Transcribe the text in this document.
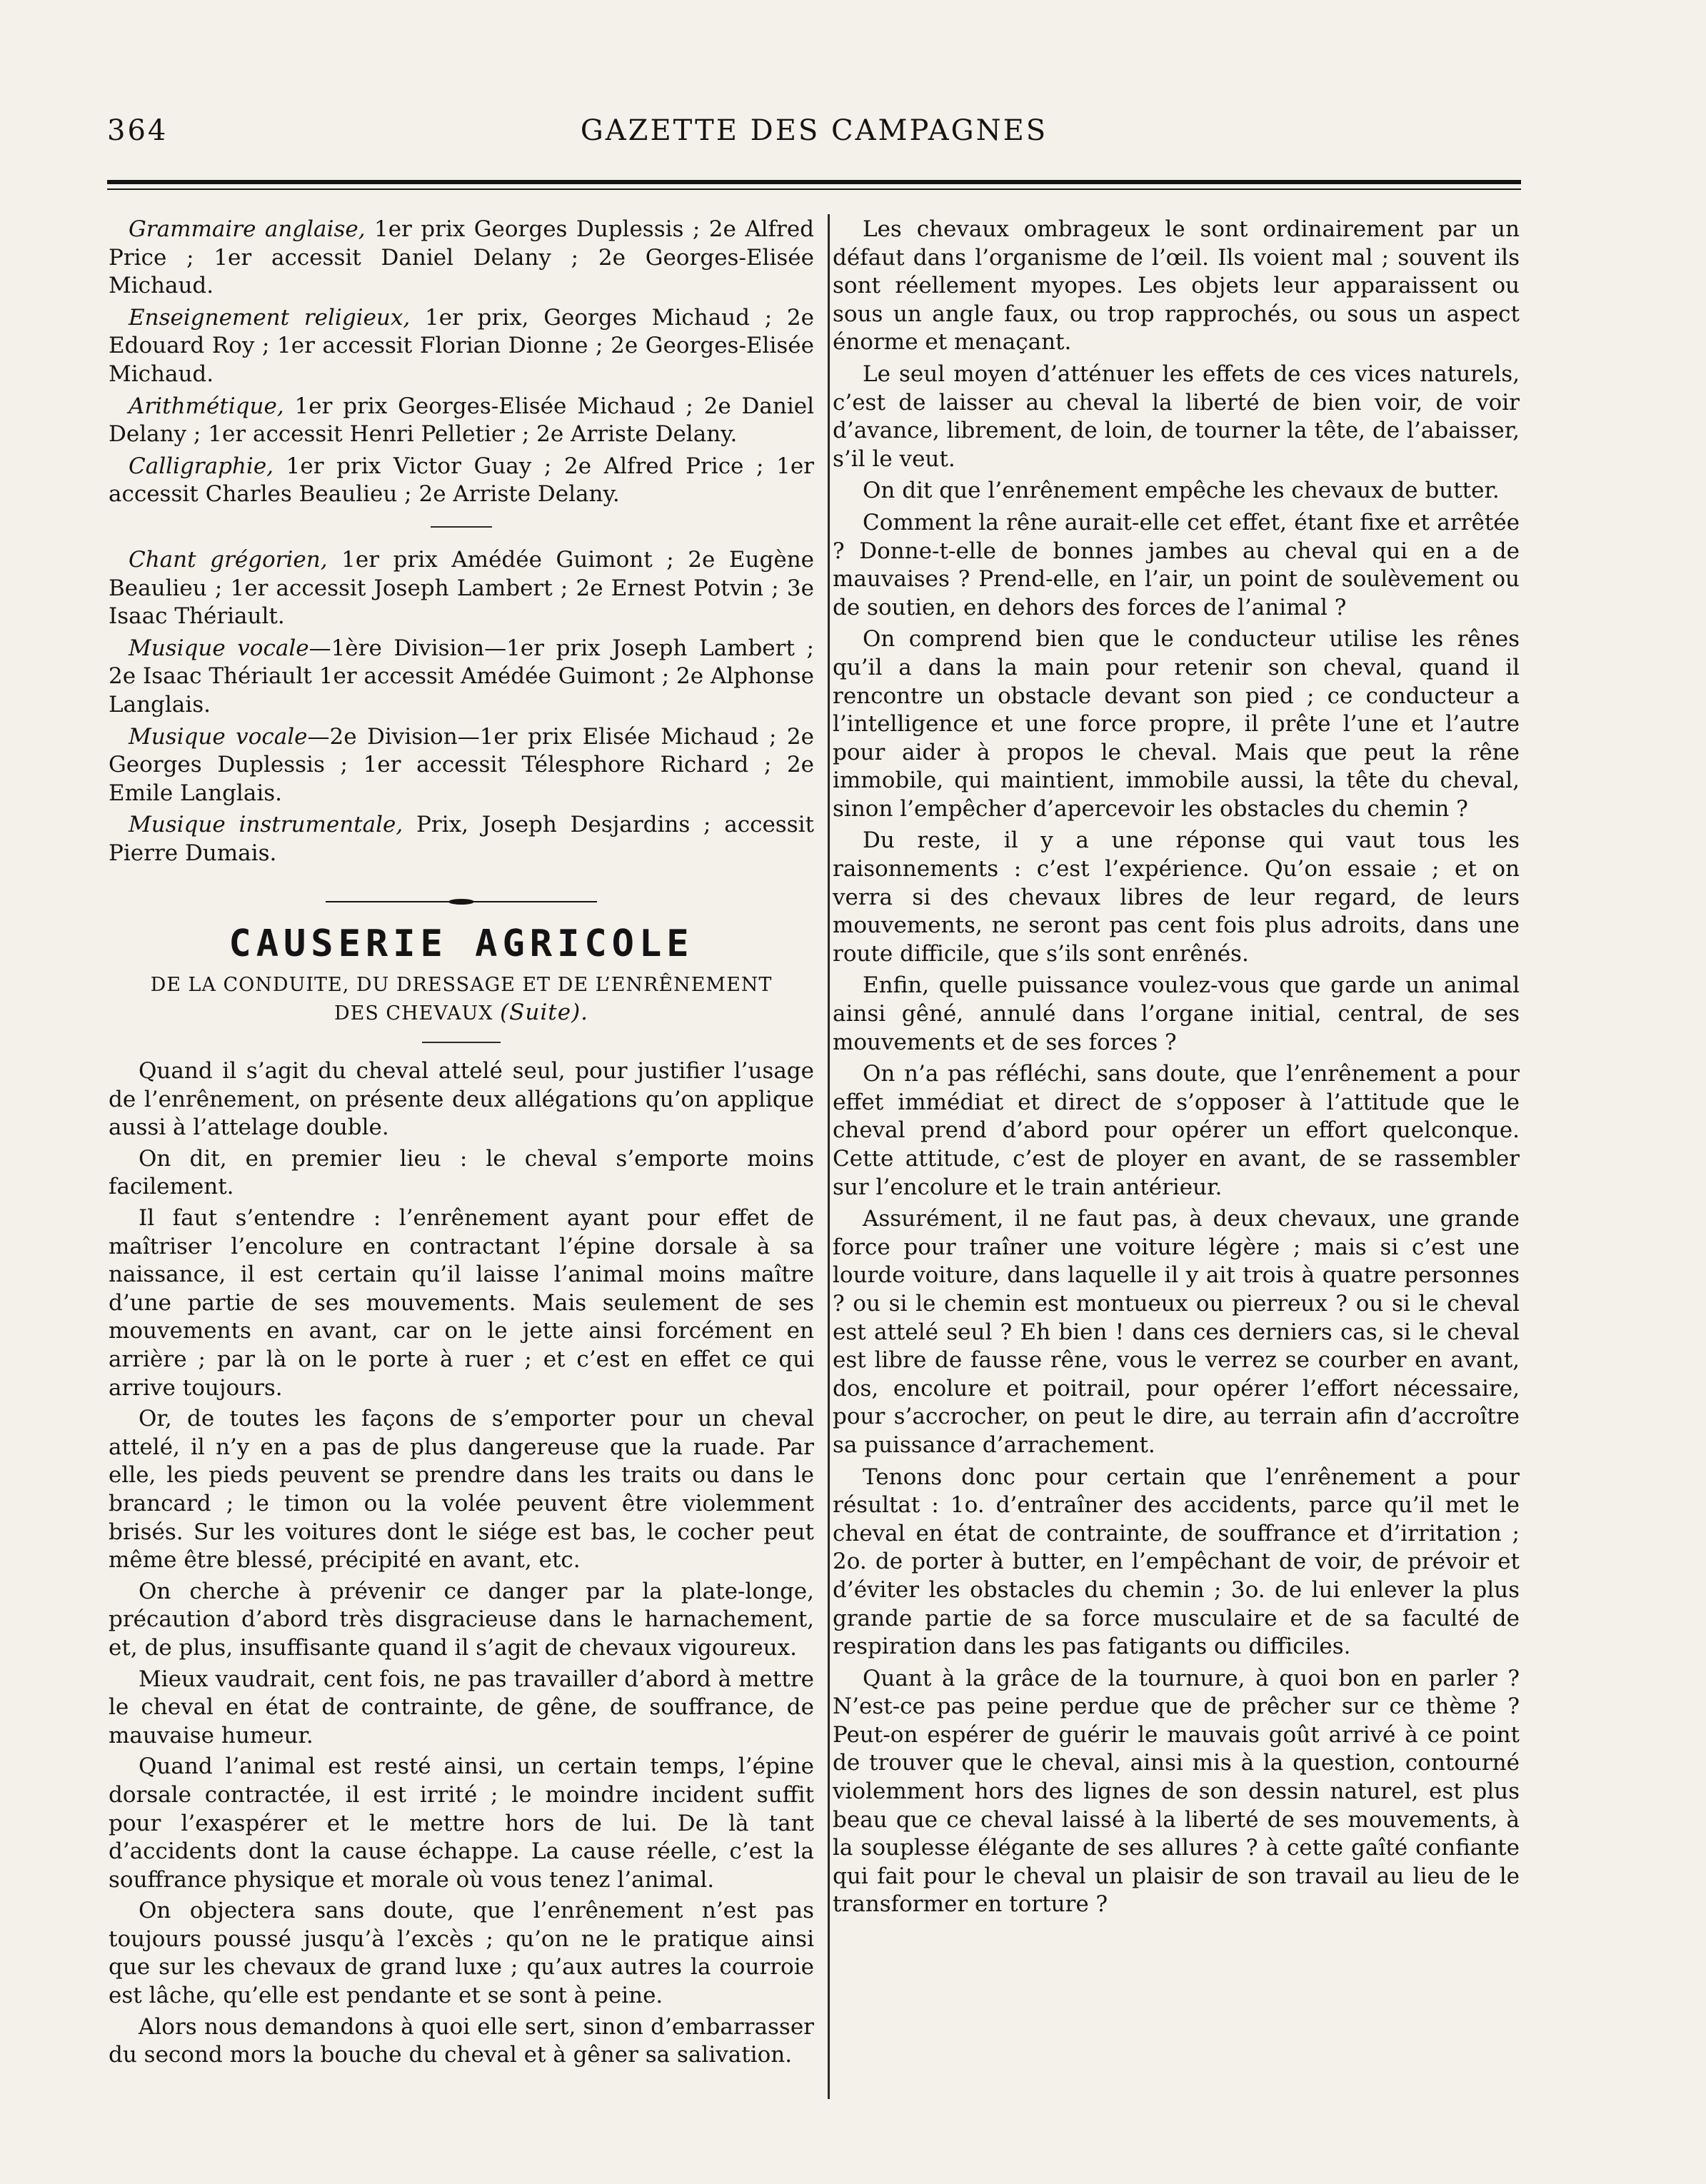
364	GAZETTE DES CAMPAGNES

Grammaire anglaise, 1er prix Georges Duplessis ; 2e Alfred Price ; 1er accessit Daniel Delany ; 2e Georges-Elisée Michaud.

Enseignement religieux, 1er prix, Georges Michaud ; 2e Edouard Roy ; 1er accessit Florian Dionne ; 2e Georges-Elisée Michaud.

Arithmétique, 1er prix Georges-Elisée Michaud ; 2e Daniel Delany ; 1er accessit Henri Pelletier ; 2e Arriste Delany.

Calligraphie, 1er prix Victor Guay ; 2e Alfred Price ; 1er accessit Charles Beaulieu ; 2e Arriste Delany.

Chant grégorien, 1er prix Amédée Guimont ; 2e Eugène Beaulieu ; 1er accessit Joseph Lambert ; 2e Ernest Potvin ; 3e Isaac Thériault.

Musique vocale—1ère Division—1er prix Joseph Lambert ; 2e Isaac Thériault 1er accessit Amédée Guimont ; 2e Alphonse Langlais.

Musique vocale—2e Division—1er prix Elisée Michaud ; 2e Georges Duplessis ; 1er accessit Télesphore Richard ; 2e Emile Langlais.

Musique instrumentale, Prix, Joseph Desjardins ; accessit Pierre Dumais.

CAUSERIE AGRICOLE
DE LA CONDUITE, DU DRESSAGE ET DE L’ENRÊNEMENT DES CHEVAUX (Suite).

Quand il s’agit du cheval attelé seul, pour justifier l’usage de l’enrênement, on présente deux allégations qu’on applique aussi à l’attelage double.

On dit, en premier lieu : le cheval s’emporte moins facilement.

Il faut s’entendre : l’enrênement ayant pour effet de maîtriser l’encolure en contractant l’épine dorsale à sa naissance, il est certain qu’il laisse l’animal moins maître d’une partie de ses mouvements. Mais seulement de ses mouvements en avant, car on le jette ainsi forcément en arrière ; par là on le porte à ruer ; et c’est en effet ce qui arrive toujours.

Or, de toutes les façons de s’emporter pour un cheval attelé, il n’y en a pas de plus dangereuse que la ruade. Par elle, les pieds peuvent se prendre dans les traits ou dans le brancard ; le timon ou la volée peuvent être violemment brisés. Sur les voitures dont le siége est bas, le cocher peut même être blessé, précipité en avant, etc.

On cherche à prévenir ce danger par la plate-longe, précaution d’abord très disgracieuse dans le harnachement, et, de plus, insuffisante quand il s’agit de chevaux vigoureux.

Mieux vaudrait, cent fois, ne pas travailler d’abord à mettre le cheval en état de contrainte, de gêne, de souffrance, de mauvaise humeur.

Quand l’animal est resté ainsi, un certain temps, l’épine dorsale contractée, il est irrité ; le moindre incident suffit pour l’exaspérer et le mettre hors de lui. De là tant d’accidents dont la cause échappe. La cause réelle, c’est la souffrance physique et morale où vous tenez l’animal.

On objectera sans doute, que l’enrênement n’est pas toujours poussé jusqu’à l’excès ; qu’on ne le pratique ainsi que sur les chevaux de grand luxe ; qu’aux autres la courroie est lâche, qu’elle est pendante et se sont à peine.

Alors nous demandons à quoi elle sert, sinon d’embarrasser du second mors la bouche du cheval et à gêner sa salivation.

Les chevaux ombrageux le sont ordinairement par un défaut dans l’organisme de l’œil. Ils voient mal ; souvent ils sont réellement myopes. Les objets leur apparaissent ou sous un angle faux, ou trop rapprochés, ou sous un aspect énorme et menaçant.

Le seul moyen d’atténuer les effets de ces vices naturels, c’est de laisser au cheval la liberté de bien voir, de voir d’avance, librement, de loin, de tourner la tête, de l’abaisser, s’il le veut.

On dit que l’enrênement empêche les chevaux de butter.

Comment la rêne aurait-elle cet effet, étant fixe et arrêtée ? Donne-t-elle de bonnes jambes au cheval qui en a de mauvaises ? Prend-elle, en l’air, un point de soulèvement ou de soutien, en dehors des forces de l’animal ?

On comprend bien que le conducteur utilise les rênes qu’il a dans la main pour retenir son cheval, quand il rencontre un obstacle devant son pied ; ce conducteur a l’intelligence et une force propre, il prête l’une et l’autre pour aider à propos le cheval. Mais que peut la rêne immobile, qui maintient, immobile aussi, la tête du cheval, sinon l’empêcher d’apercevoir les obstacles du chemin ?

Du reste, il y a une réponse qui vaut tous les raisonnements : c’est l’expérience. Qu’on essaie ; et on verra si des chevaux libres de leur regard, de leurs mouvements, ne seront pas cent fois plus adroits, dans une route difficile, que s’ils sont enrênés.

Enfin, quelle puissance voulez-vous que garde un animal ainsi gêné, annulé dans l’organe initial, central, de ses mouvements et de ses forces ?

On n’a pas réfléchi, sans doute, que l’enrênement a pour effet immédiat et direct de s’opposer à l’attitude que le cheval prend d’abord pour opérer un effort quelconque. Cette attitude, c’est de ployer en avant, de se rassembler sur l’encolure et le train antérieur.

Assurément, il ne faut pas, à deux chevaux, une grande force pour traîner une voiture légère ; mais si c’est une lourde voiture, dans laquelle il y ait trois à quatre personnes ? ou si le chemin est montueux ou pierreux ? ou si le cheval est attelé seul ? Eh bien ! dans ces derniers cas, si le cheval est libre de fausse rêne, vous le verrez se courber en avant, dos, encolure et poitrail, pour opérer l’effort nécessaire, pour s’accrocher, on peut le dire, au terrain afin d’accroître sa puissance d’arrachement.

Tenons donc pour certain que l’enrênement a pour résultat : 1o. d’entraîner des accidents, parce qu’il met le cheval en état de contrainte, de souffrance et d’irritation ; 2o. de porter à butter, en l’empêchant de voir, de prévoir et d’éviter les obstacles du chemin ; 3o. de lui enlever la plus grande partie de sa force musculaire et de sa faculté de respiration dans les pas fatigants ou difficiles.

Quant à la grâce de la tournure, à quoi bon en parler ? N’est-ce pas peine perdue que de prêcher sur ce thème ? Peut-on espérer de guérir le mauvais goût arrivé à ce point de trouver que le cheval, ainsi mis à la question, contourné violemment hors des lignes de son dessin naturel, est plus beau que ce cheval laissé à la liberté de ses mouvements, à la souplesse élégante de ses allures ? à cette gaîté confiante qui fait pour le cheval un plaisir de son travail au lieu de le transformer en torture ?
